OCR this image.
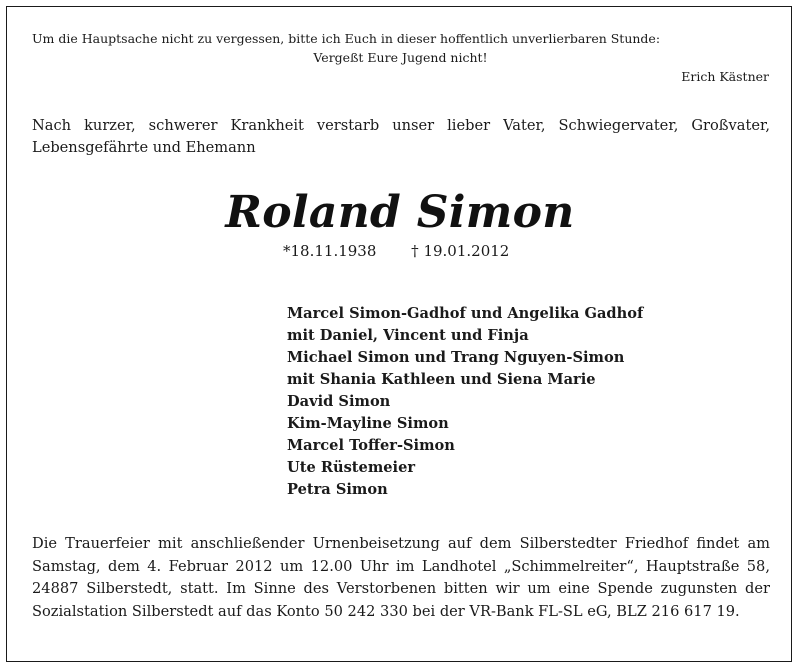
Um die Hauptsache nicht zu vergessen, bitte ich Euch in dieser hoffentlich unverlierbaren Stunde:
Vergeßt Eure Jugend nicht!
Erich Kästner
Nach kurzer, schwerer Krankheit verstarb unser lieber Vater, Schwiegervater, Großvater, Lebensgefährte und Ehemann
Roland Simon
*18.11.1938 † 19.01.2012
Marcel Simon-Gadhof und Angelika Gadhof
mit Daniel, Vincent und Finja
Michael Simon und Trang Nguyen-Simon
mit Shania Kathleen und Siena Marie
David Simon
Kim-Mayline Simon
Marcel Toffer-Simon
Ute Rüstemeier
Petra Simon
Die Trauerfeier mit anschließender Urnenbeisetzung auf dem Silberstedter Friedhof findet am Samstag, dem 4. Februar 2012 um 12.00 Uhr im Landhotel „Schimmelreiter“, Hauptstraße 58, 24887 Silberstedt, statt. Im Sinne des Verstorbenen bitten wir um eine Spende zugunsten der Sozialstation Silberstedt auf das Konto 50 242 330 bei der VR-Bank FL-SL eG, BLZ 216 617 19.
